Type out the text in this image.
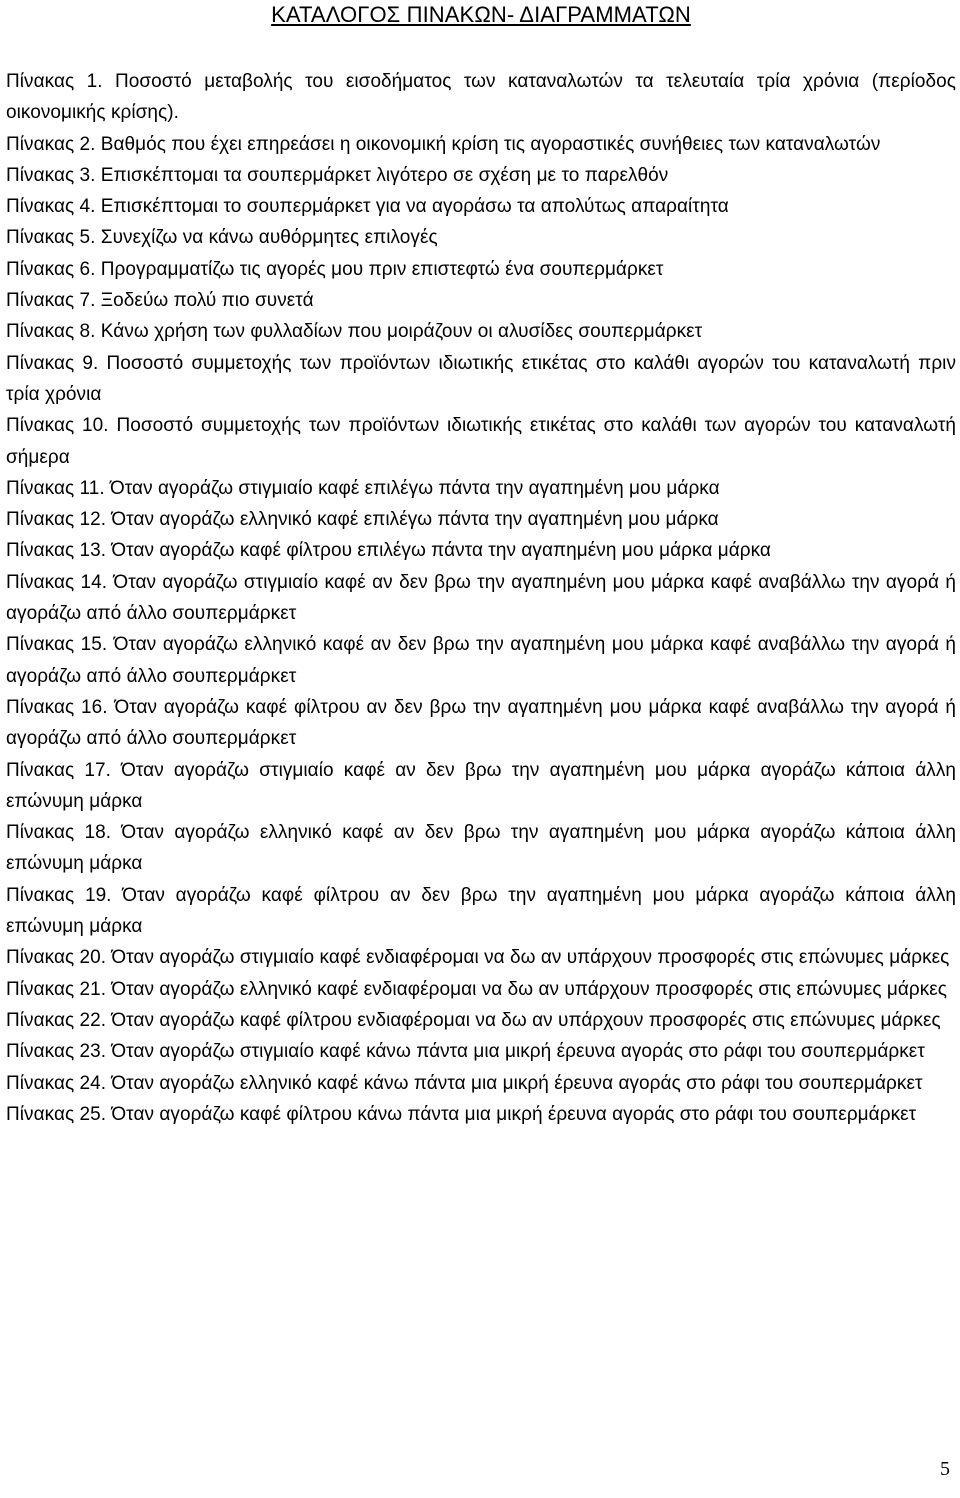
ΚΑΤΑΛΟΓΟΣ ΠΙΝΑΚΩΝ- ΔΙΑΓΡΑΜΜΑΤΩΝ

Πίνακας 1. Ποσοστό μεταβολής του εισοδήματος των καταναλωτών τα τελευταία τρία χρόνια (περίοδος οικονομικής κρίσης).

Πίνακας 2. Βαθμός που έχει επηρεάσει η οικονομική κρίση τις αγοραστικές συνήθειες των καταναλωτών

Πίνακας 3. Επισκέπτομαι τα σουπερμάρκετ λιγότερο σε σχέση με το παρελθόν

Πίνακας 4. Επισκέπτομαι το σουπερμάρκετ για να αγοράσω τα απολύτως απαραίτητα

Πίνακας 5. Συνεχίζω να κάνω αυθόρμητες επιλογές

Πίνακας 6. Προγραμματίζω τις αγορές μου πριν επιστεφτώ ένα σουπερμάρκετ

Πίνακας 7. Ξοδεύω πολύ πιο συνετά

Πίνακας 8. Κάνω χρήση των φυλλαδίων που μοιράζουν οι αλυσίδες σουπερμάρκετ

Πίνακας 9. Ποσοστό συμμετοχής των προϊόντων ιδιωτικής ετικέτας στο καλάθι αγορών του καταναλωτή πριν τρία χρόνια

Πίνακας 10. Ποσοστό συμμετοχής των προϊόντων ιδιωτικής ετικέτας στο καλάθι των αγορών του καταναλωτή σήμερα

Πίνακας 11. Όταν αγοράζω στιγμιαίο καφέ επιλέγω πάντα την αγαπημένη μου μάρκα

Πίνακας 12. Όταν αγοράζω ελληνικό καφέ επιλέγω πάντα την αγαπημένη μου μάρκα

Πίνακας 13. Όταν αγοράζω καφέ φίλτρου επιλέγω πάντα την αγαπημένη μου μάρκα μάρκα

Πίνακας 14. Όταν αγοράζω στιγμιαίο καφέ αν δεν βρω την αγαπημένη μου μάρκα καφέ αναβάλλω την αγορά ή αγοράζω από άλλο σουπερμάρκετ

Πίνακας 15. Όταν αγοράζω ελληνικό καφέ αν δεν βρω την αγαπημένη μου μάρκα καφέ αναβάλλω την αγορά ή αγοράζω από άλλο σουπερμάρκετ

Πίνακας 16. Όταν αγοράζω καφέ φίλτρου αν δεν βρω την αγαπημένη μου μάρκα καφέ αναβάλλω την αγορά ή αγοράζω από άλλο σουπερμάρκετ

Πίνακας 17. Όταν αγοράζω στιγμιαίο καφέ αν δεν βρω την αγαπημένη μου μάρκα αγοράζω κάποια άλλη επώνυμη μάρκα

Πίνακας 18. Όταν αγοράζω ελληνικό καφέ αν δεν βρω την αγαπημένη μου μάρκα αγοράζω κάποια άλλη επώνυμη μάρκα

Πίνακας 19. Όταν αγοράζω καφέ φίλτρου αν δεν βρω την αγαπημένη μου μάρκα αγοράζω κάποια άλλη επώνυμη μάρκα

Πίνακας 20. Όταν αγοράζω στιγμιαίο καφέ ενδιαφέρομαι να δω αν υπάρχουν προσφορές στις επώνυμες μάρκες

Πίνακας 21. Όταν αγοράζω ελληνικό καφέ ενδιαφέρομαι να δω αν υπάρχουν προσφορές στις επώνυμες μάρκες

Πίνακας 22. Όταν αγοράζω καφέ φίλτρου ενδιαφέρομαι να δω αν υπάρχουν προσφορές στις επώνυμες μάρκες

Πίνακας 23. Όταν αγοράζω στιγμιαίο καφέ κάνω πάντα μια μικρή έρευνα αγοράς στο ράφι του σουπερμάρκετ

Πίνακας 24. Όταν αγοράζω ελληνικό καφέ κάνω πάντα μια μικρή έρευνα αγοράς στο ράφι του σουπερμάρκετ

Πίνακας 25. Όταν αγοράζω καφέ φίλτρου κάνω πάντα μια μικρή έρευνα αγοράς στο ράφι του σουπερμάρκετ

5
